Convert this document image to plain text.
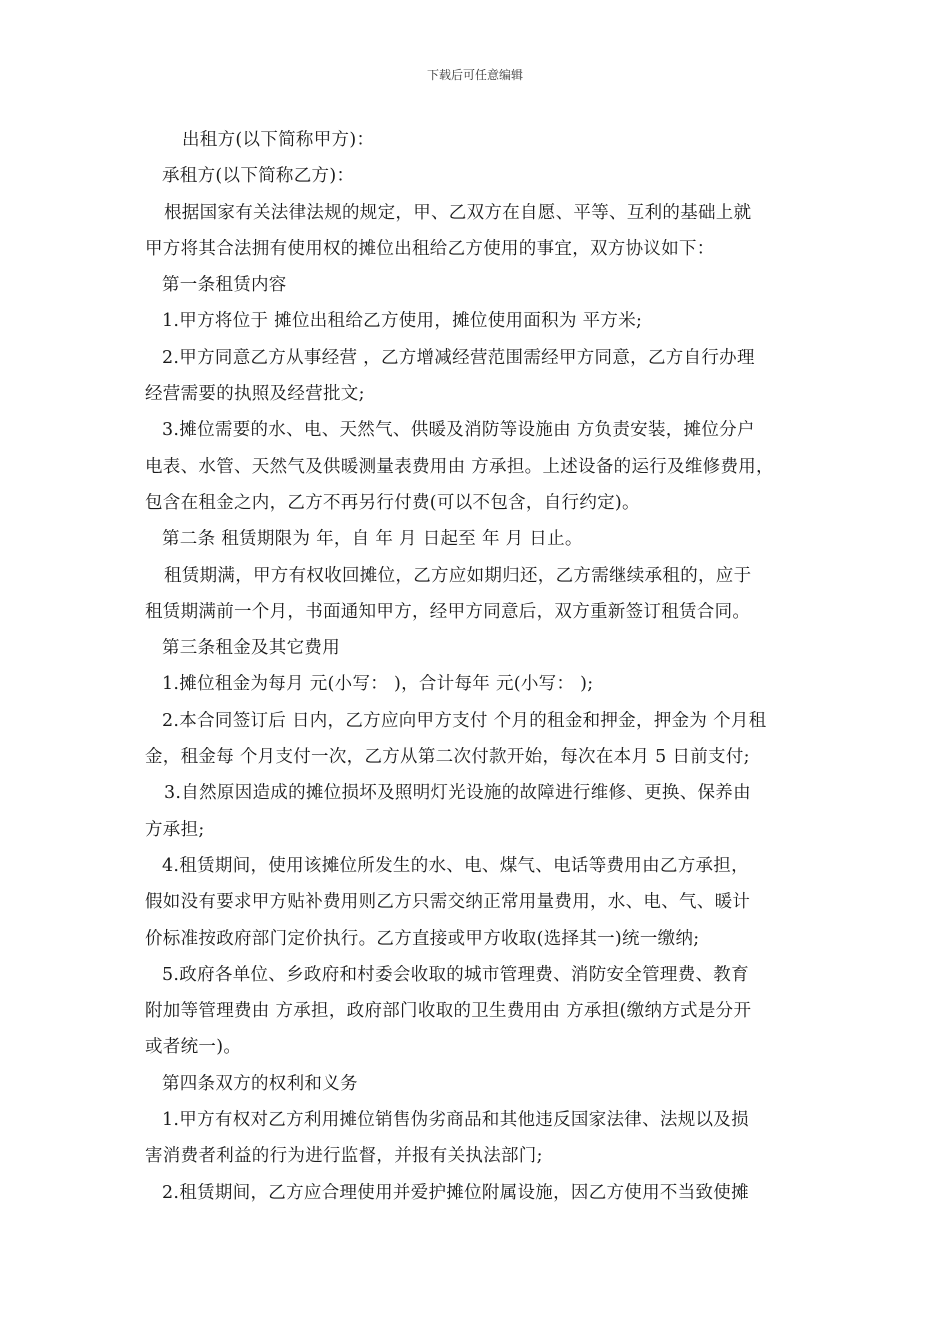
下载后可任意编辑
出租方(以下简称甲方)：
承租方(以下简称乙方)：
根据国家有关法律法规的规定，甲、乙双方在自愿、平等、互利的基础上就
甲方将其合法拥有使用权的摊位出租给乙方使用的事宜，双方协议如下：
第一条租赁内容
1.甲方将位于 摊位出租给乙方使用，摊位使用面积为 平方米;
2.甲方同意乙方从事经营 ，乙方增减经营范围需经甲方同意，乙方自行办理
经营需要的执照及经营批文;
3.摊位需要的水、电、天然气、供暖及消防等设施由 方负责安装，摊位分户
电表、水管、天然气及供暖测量表费用由 方承担。上述设备的运行及维修费用，
包含在租金之内，乙方不再另行付费(可以不包含，自行约定)。
第二条 租赁期限为 年，自 年 月 日起至 年 月 日止。
租赁期满，甲方有权收回摊位，乙方应如期归还，乙方需继续承租的，应于
租赁期满前一个月，书面通知甲方，经甲方同意后，双方重新签订租赁合同。
第三条租金及其它费用
1.摊位租金为每月 元(小写： )，合计每年 元(小写： );
2.本合同签订后 日内，乙方应向甲方支付 个月的租金和押金，押金为 个月租
金，租金每 个月支付一次，乙方从第二次付款开始，每次在本月 5 日前支付;
3.自然原因造成的摊位损坏及照明灯光设施的故障进行维修、更换、保养由
方承担;
4.租赁期间，使用该摊位所发生的水、电、煤气、电话等费用由乙方承担，
假如没有要求甲方贴补费用则乙方只需交纳正常用量费用，水、电、气、暖计
价标准按政府部门定价执行。乙方直接或甲方收取(选择其一)统一缴纳;
5.政府各单位、乡政府和村委会收取的城市管理费、消防安全管理费、教育
附加等管理费由 方承担，政府部门收取的卫生费用由 方承担(缴纳方式是分开
或者统一)。
第四条双方的权利和义务
1.甲方有权对乙方利用摊位销售伪劣商品和其他违反国家法律、法规以及损
害消费者利益的行为进行监督，并报有关执法部门;
2.租赁期间，乙方应合理使用并爱护摊位附属设施，因乙方使用不当致使摊
